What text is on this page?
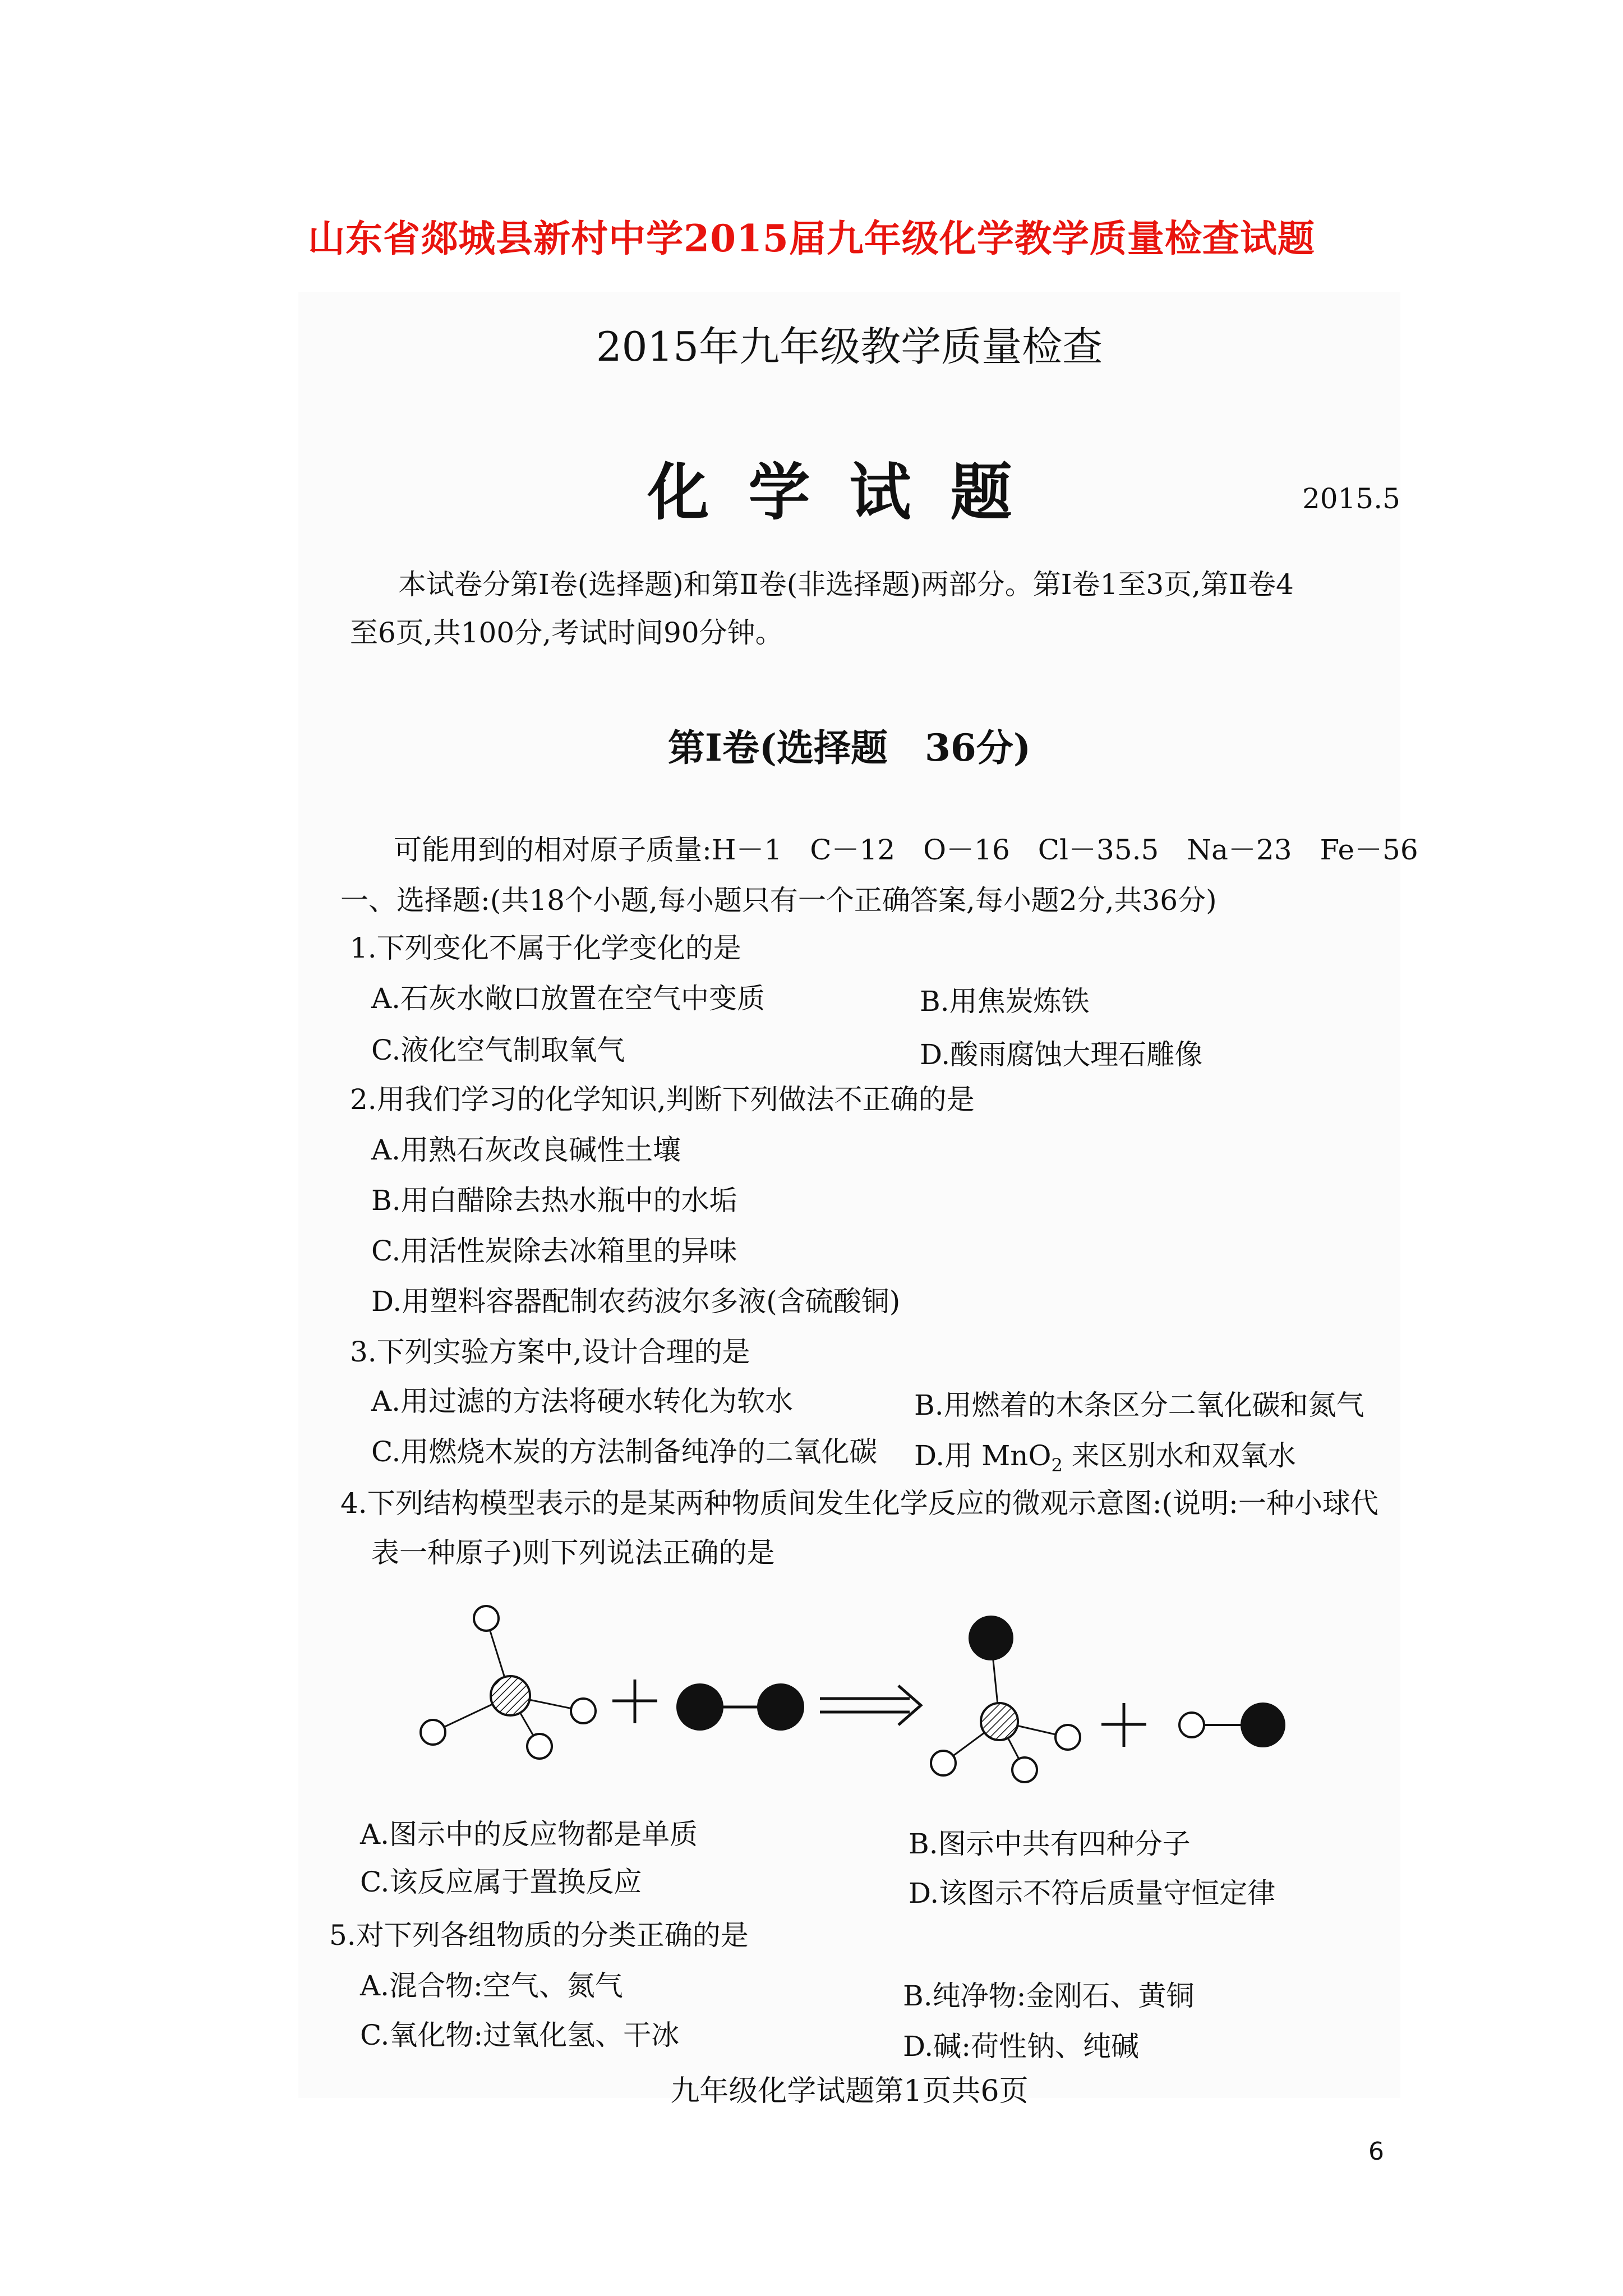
山东省郯城县新村中学2015届九年级化学教学质量检查试题
2015年九年级教学质量检查
化学试题	2015.5
本试卷分第Ⅰ卷(选择题)和第Ⅱ卷(非选择题)两部分。第Ⅰ卷1至3页,第Ⅱ卷4
至6页,共100分,考试时间90分钟。
第Ⅰ卷(选择题　36分)
可能用到的相对原子质量:H－1　C－12　O－16　Cl－35.5　Na－23　Fe－56
一、选择题:(共18个小题,每小题只有一个正确答案,每小题2分,共36分)
1.下列变化不属于化学变化的是
A.石灰水敞口放置在空气中变质	B.用焦炭炼铁
C.液化空气制取氧气	D.酸雨腐蚀大理石雕像
2.用我们学习的化学知识,判断下列做法不正确的是
A.用熟石灰改良碱性土壤
B.用白醋除去热水瓶中的水垢
C.用活性炭除去冰箱里的异味
D.用塑料容器配制农药波尔多液(含硫酸铜)
3.下列实验方案中,设计合理的是
A.用过滤的方法将硬水转化为软水	B.用燃着的木条区分二氧化碳和氮气
C.用燃烧木炭的方法制备纯净的二氧化碳 D.用 MnO$_2$ 来区别水和双氧水
4.下列结构模型表示的是某两种物质间发生化学反应的微观示意图:(说明:一种小球代
表一种原子)则下列说法正确的是
A.图示中的反应物都是单质	B.图示中共有四种分子
C.该反应属于置换反应	D.该图示不符后质量守恒定律
5.对下列各组物质的分类正确的是
A.混合物:空气、氮气	B.纯净物:金刚石、黄铜
C.氧化物:过氧化氢、干冰	D.碱:荷性钠、纯碱
九年级化学试题第1页共6页
6
